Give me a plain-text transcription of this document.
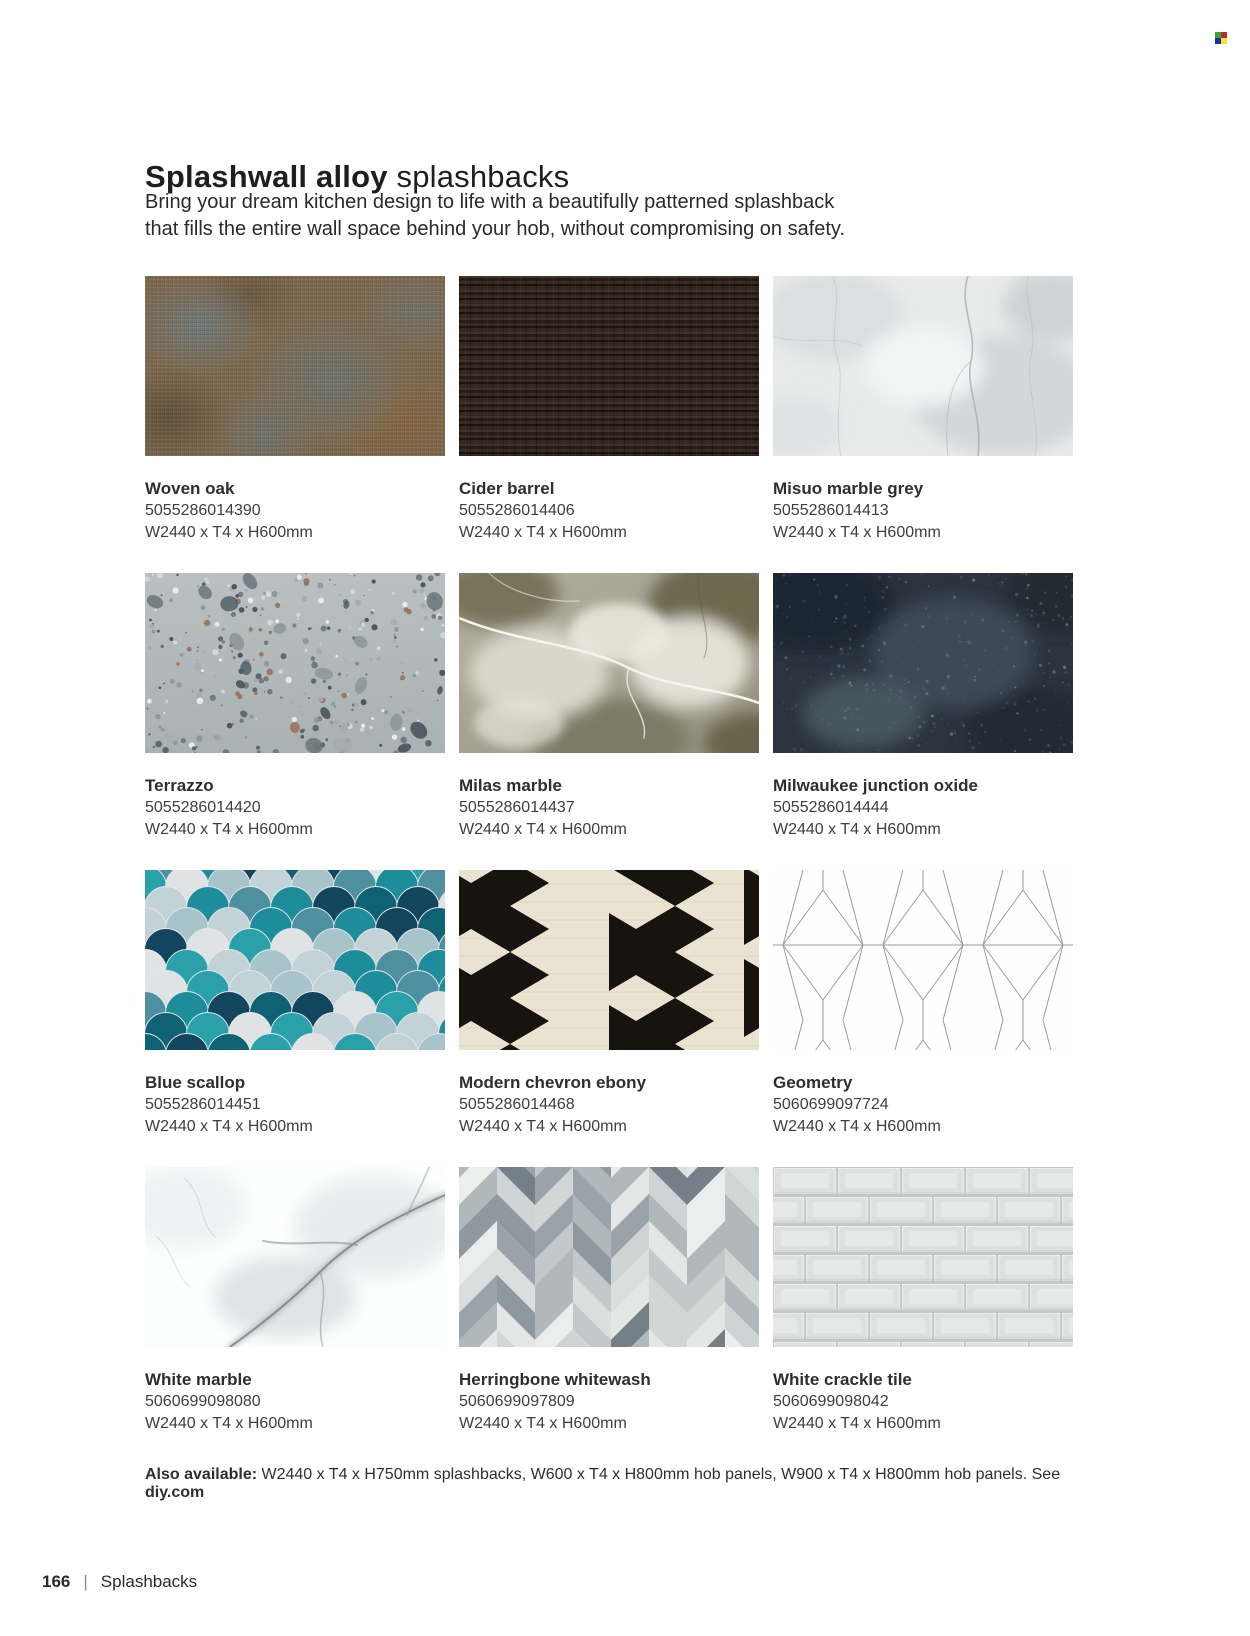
Splashwall alloy splashbacks
Bring your dream kitchen design to life with a beautifully patterned splashback
that fills the entire wall space behind your hob, without compromising on safety.
Woven oak
5055286014390
W2440 x T4 x H600mm
Cider barrel
5055286014406
W2440 x T4 x H600mm
Misuo marble grey
5055286014413
W2440 x T4 x H600mm
Terrazzo
5055286014420
W2440 x T4 x H600mm
Milas marble
5055286014437
W2440 x T4 x H600mm
Milwaukee junction oxide
5055286014444
W2440 x T4 x H600mm
Blue scallop
5055286014451
W2440 x T4 x H600mm
Modern chevron ebony
5055286014468
W2440 x T4 x H600mm
Geometry
5060699097724
W2440 x T4 x H600mm
White marble
5060699098080
W2440 x T4 x H600mm
Herringbone whitewash
5060699097809
W2440 x T4 x H600mm
White crackle tile
5060699098042
W2440 x T4 x H600mm
Also available: W2440 x T4 x H750mm splashbacks, W600 x T4 x H800mm hob panels, W900 x T4 x H800mm hob panels. See diy.com
166 | Splashbacks
